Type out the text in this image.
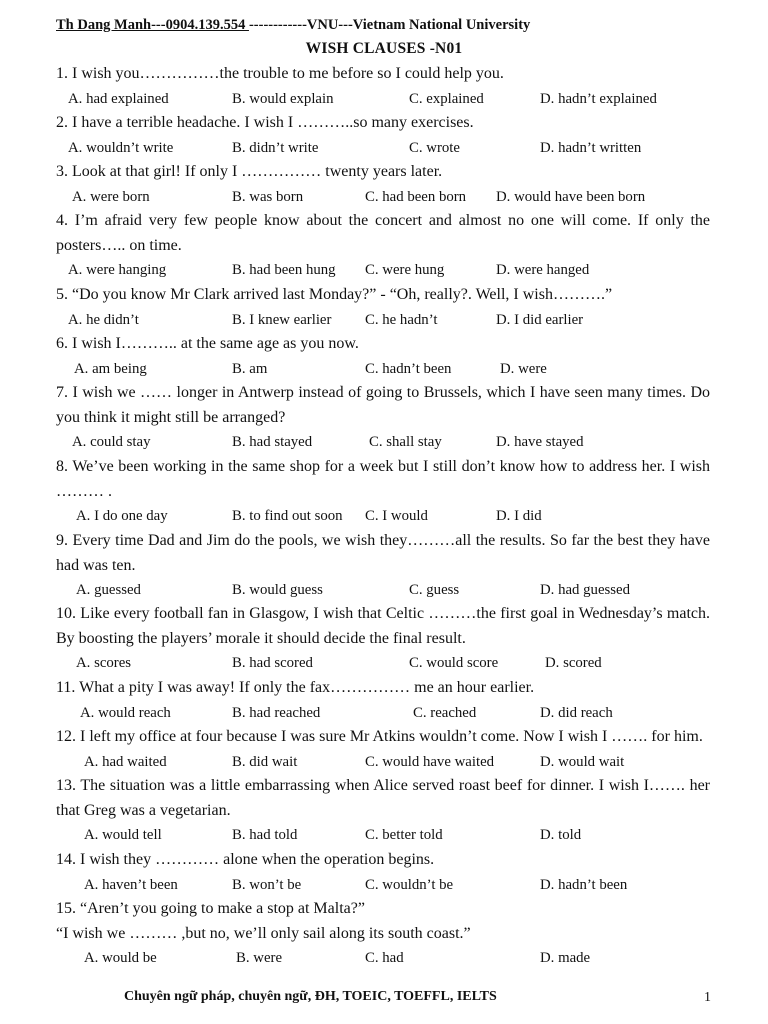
Th Dang Manh---0904.139.554 ------------VNU---Vietnam National University
WISH CLAUSES -N01
1. I wish you……………the trouble to me before so I could help you.
A. had explained	B. would explain	C. explained	D. hadn’t explained
2. I have a terrible headache. I wish I ………..so many exercises.
A. wouldn’t write	B. didn’t write	C. wrote	D. hadn’t written
3. Look at that girl! If only I …………… twenty years later.
A. were born	B. was born	C. had been born D. would have been born
4. I’m afraid very few people know about the concert and almost no one will come. If only the posters….. on time.
A. were hanging	B. had been hung C. were hung	D. were hanged
5. “Do you know Mr Clark arrived last Monday?” - “Oh, really?. Well, I wish……….”
A. he didn’t	B. I knew earlier C. he hadn’t	D. I did earlier
6. I wish I……….. at the same age as you now.
A. am being	B. am	C. hadn’t been	D. were
7. I wish we …… longer in Antwerp instead of going to Brussels, which I have seen many times. Do you think it might still be arranged?
A. could stay	B. had stayed	C. shall stay	D. have stayed
8. We’ve been working in the same shop for a week but I still don’t know how to address her. I wish ……… .
A. I do one day	B. to find out soon C. I would	D. I did
9. Every time Dad and Jim do the pools, we wish they………all the results. So far the best they have had was ten.
A. guessed	B. would guess	C. guess	D. had guessed
10. Like every football fan in Glasgow, I wish that Celtic ………the first goal in Wednesday’s match. By boosting the players’ morale it should decide the final result.
A. scores	B. had scored	C. would score	D. scored
11. What a pity I was away! If only the fax…………… me an hour earlier.
A. would reach	B. had reached	C. reached	D. did reach
12. I left my office at four because I was sure Mr Atkins wouldn’t come. Now I wish I ……. for him.
A. had waited	B. did wait	C. would have waited	D. would wait
13. The situation was a little embarrassing when Alice served roast beef for dinner. I wish I……. her that Greg was a vegetarian.
A. would tell	B. had told	C. better told	D. told
14. I wish they ………… alone when the operation begins.
A. haven’t been	B. won’t be	C. wouldn’t be	D. hadn’t been
15. “Aren’t you going to make a stop at Malta?”
“I wish we ……… ,but no, we’ll only sail along its south coast.”
A. would be	B. were	C. had	D. made
Chuyên ngữ pháp, chuyên ngữ, ĐH, TOEIC, TOEFFL, IELTS	1
